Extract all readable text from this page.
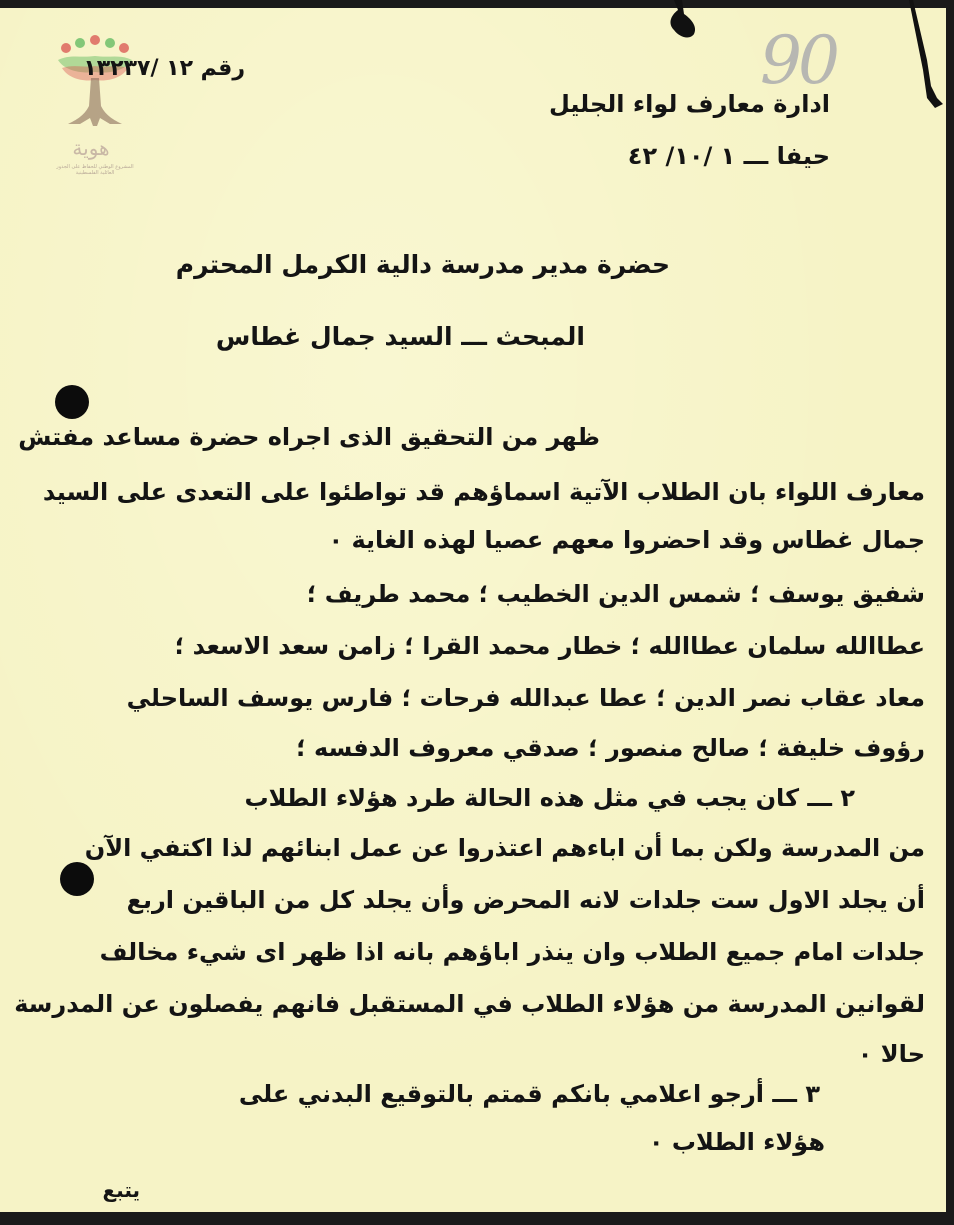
هوية
المشروع الوطني للحفاظ على الجذور العائلية الفلسطينية
90
رقم ١٢ /١٣٢٣٧
ادارة معارف لواء الجليل
حيفا ـــ ١ /١٠/ ٤٢
حضرة مدير مدرسة دالية الكرمل المحترم
المبحث ـــ السيد جمال غطاس
ظهر من التحقيق الذى اجراه حضرة مساعد مفتش
معارف اللواء بان الطلاب الآتية اسماؤهم قد تواطئوا على التعدى على السيد
جمال غطاس وقد احضروا معهم عصيا لهذه الغاية ٠
شفيق يوسف ؛ شمس الدين الخطيب ؛ محمد طريف ؛
عطاالله سلمان عطاالله ؛ خطار محمد القرا ؛ زامن سعد الاسعد ؛
معاد عقاب نصر الدين ؛ عطا عبدالله فرحات ؛ فارس يوسف الساحلي
رؤوف خليفة ؛ صالح منصور ؛ صدقي معروف الدفسه ؛
٢ ـــ كان يجب في مثل هذه الحالة طرد هؤلاء الطلاب
من المدرسة ولكن بما أن اباءهم اعتذروا عن عمل ابنائهم لذا اكتفي الآن
أن يجلد الاول ست جلدات لانه المحرض وأن يجلد كل من الباقين اربع
جلدات امام جميع الطلاب وان ينذر اباؤهم بانه اذا ظهر اى شيء مخالف
لقوانين المدرسة من هؤلاء الطلاب في المستقبل فانهم يفصلون عن المدرسة
حالا ٠
٣ ـــ أرجو اعلامي بانكم قمتم بالتوقيع البدني على
هؤلاء الطلاب ٠
يتبع
